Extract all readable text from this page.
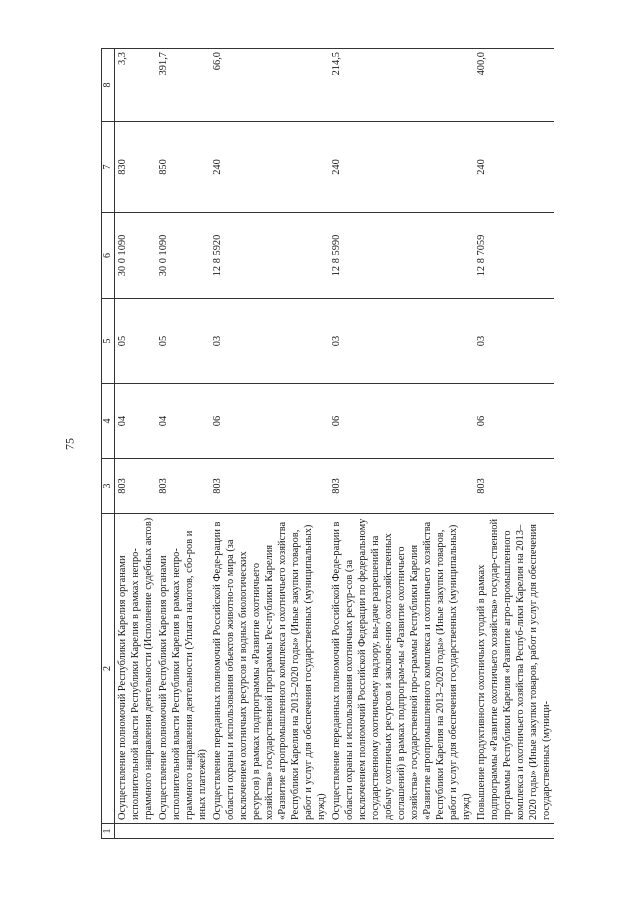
75
1	2	3	4	5	6	7	8
	Осуществление полномочий Республики Карелия органами исполнительной власти Республики Карелия в рамках непро-граммного направления деятельности (Исполнение судебных актов)	803	04	05	30 0 1090	830	3,3
	Осуществление полномочий Республики Карелия органами исполнительной власти Республики Карелия в рамках непро-граммного направления деятельности (Уплата налогов, сбо-ров и иных платежей)	803	04	05	30 0 1090	850	391,7
	Осуществление переданных полномочий Российской Феде-рации в области охраны и использования объектов животно-го мира (за исключением охотничьих ресурсов и водных биологических ресурсов) в рамках подпрограммы «Развитие охотничьего хозяйства» государственной программы Рес-публики Карелия «Развитие агропромышленного комплекса и охотничьего хозяйства Республики Карелия на 2013–2020 годы» (Иные закупки товаров, работ и услуг для обеспечения государственных (муниципальных) нужд)	803	06	03	12 8 5920	240	66,0
	Осуществление переданных полномочий Российской Феде-рации в области охраны и использования охотничьих ресур-сов (за исключением полномочий Российской Федерации по федеральному государственному охотничьему надзору, вы-даче разрешений на добычу охотничьих ресурсов и заключе-нию охотхозяйственных соглашений) в рамках подпрограм-мы «Развитие охотничьего хозяйства» государственной про-граммы Республики Карелия «Развитие агропромышленного комплекса и охотничьего хозяйства Республики Карелия на 2013–2020 годы» (Иные закупки товаров, работ и услуг для обеспечения государственных (муниципальных) нужд)	803	06	03	12 8 5990	240	214,5
	Повышение продуктивности охотничьих угодий в рамках подпрограммы «Развитие охотничьего хозяйства» государ-ственной программы Республики Карелия «Развитие агро-промышленного комплекса и охотничьего хозяйства Респуб-лики Карелия на 2013–2020 годы» (Иные закупки товаров, работ и услуг для обеспечения государственных (муници-	803	06	03	12 8 7059	240	400,0
